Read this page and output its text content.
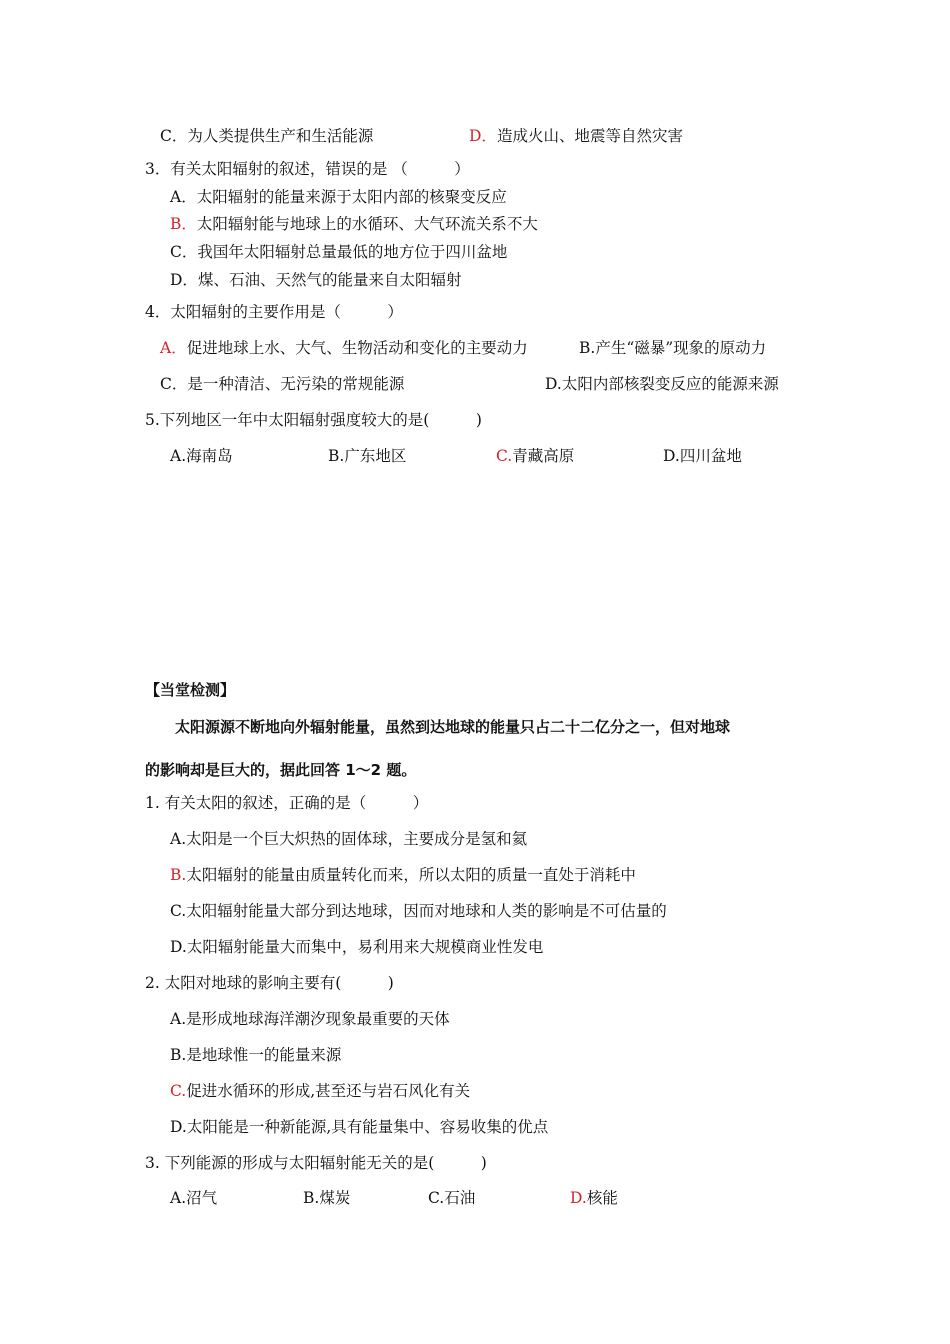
C．为人类提供生产和生活能源	D．造成火山、地震等自然灾害
3．有关太阳辐射的叙述，错误的是 （　　　）
A．太阳辐射的能量来源于太阳内部的核聚变反应
B．太阳辐射能与地球上的水循环、大气环流关系不大
C．我国年太阳辐射总量最低的地方位于四川盆地
D．煤、石油、天然气的能量来自太阳辐射
4．太阳辐射的主要作用是（　　　）
A．促进地球上水、大气、生物活动和变化的主要动力	B.产生“磁暴”现象的原动力
C．是一种清洁、无污染的常规能源	D.太阳内部核裂变反应的能源来源
5.下列地区一年中太阳辐射强度较大的是(　　　)
A.海南岛	B.广东地区	C.青藏高原	D.四川盆地
【当堂检测】
太阳源源不断地向外辐射能量，虽然到达地球的能量只占二十二亿分之一，但对地球
的影响却是巨大的，据此回答 1～2 题。
1. 有关太阳的叙述，正确的是（　　　）
A.太阳是一个巨大炽热的固体球，主要成分是氢和氦
B.太阳辐射的能量由质量转化而来，所以太阳的质量一直处于消耗中
C.太阳辐射能量大部分到达地球，因而对地球和人类的影响是不可估量的
D.太阳辐射能量大而集中，易利用来大规模商业性发电
2. 太阳对地球的影响主要有(　　　)
A.是形成地球海洋潮汐现象最重要的天体
B.是地球惟一的能量来源
C.促进水循环的形成,甚至还与岩石风化有关
D.太阳能是一种新能源,具有能量集中、容易收集的优点
3. 下列能源的形成与太阳辐射能无关的是(　　　)
A.沼气	B.煤炭	C.石油	D.核能
